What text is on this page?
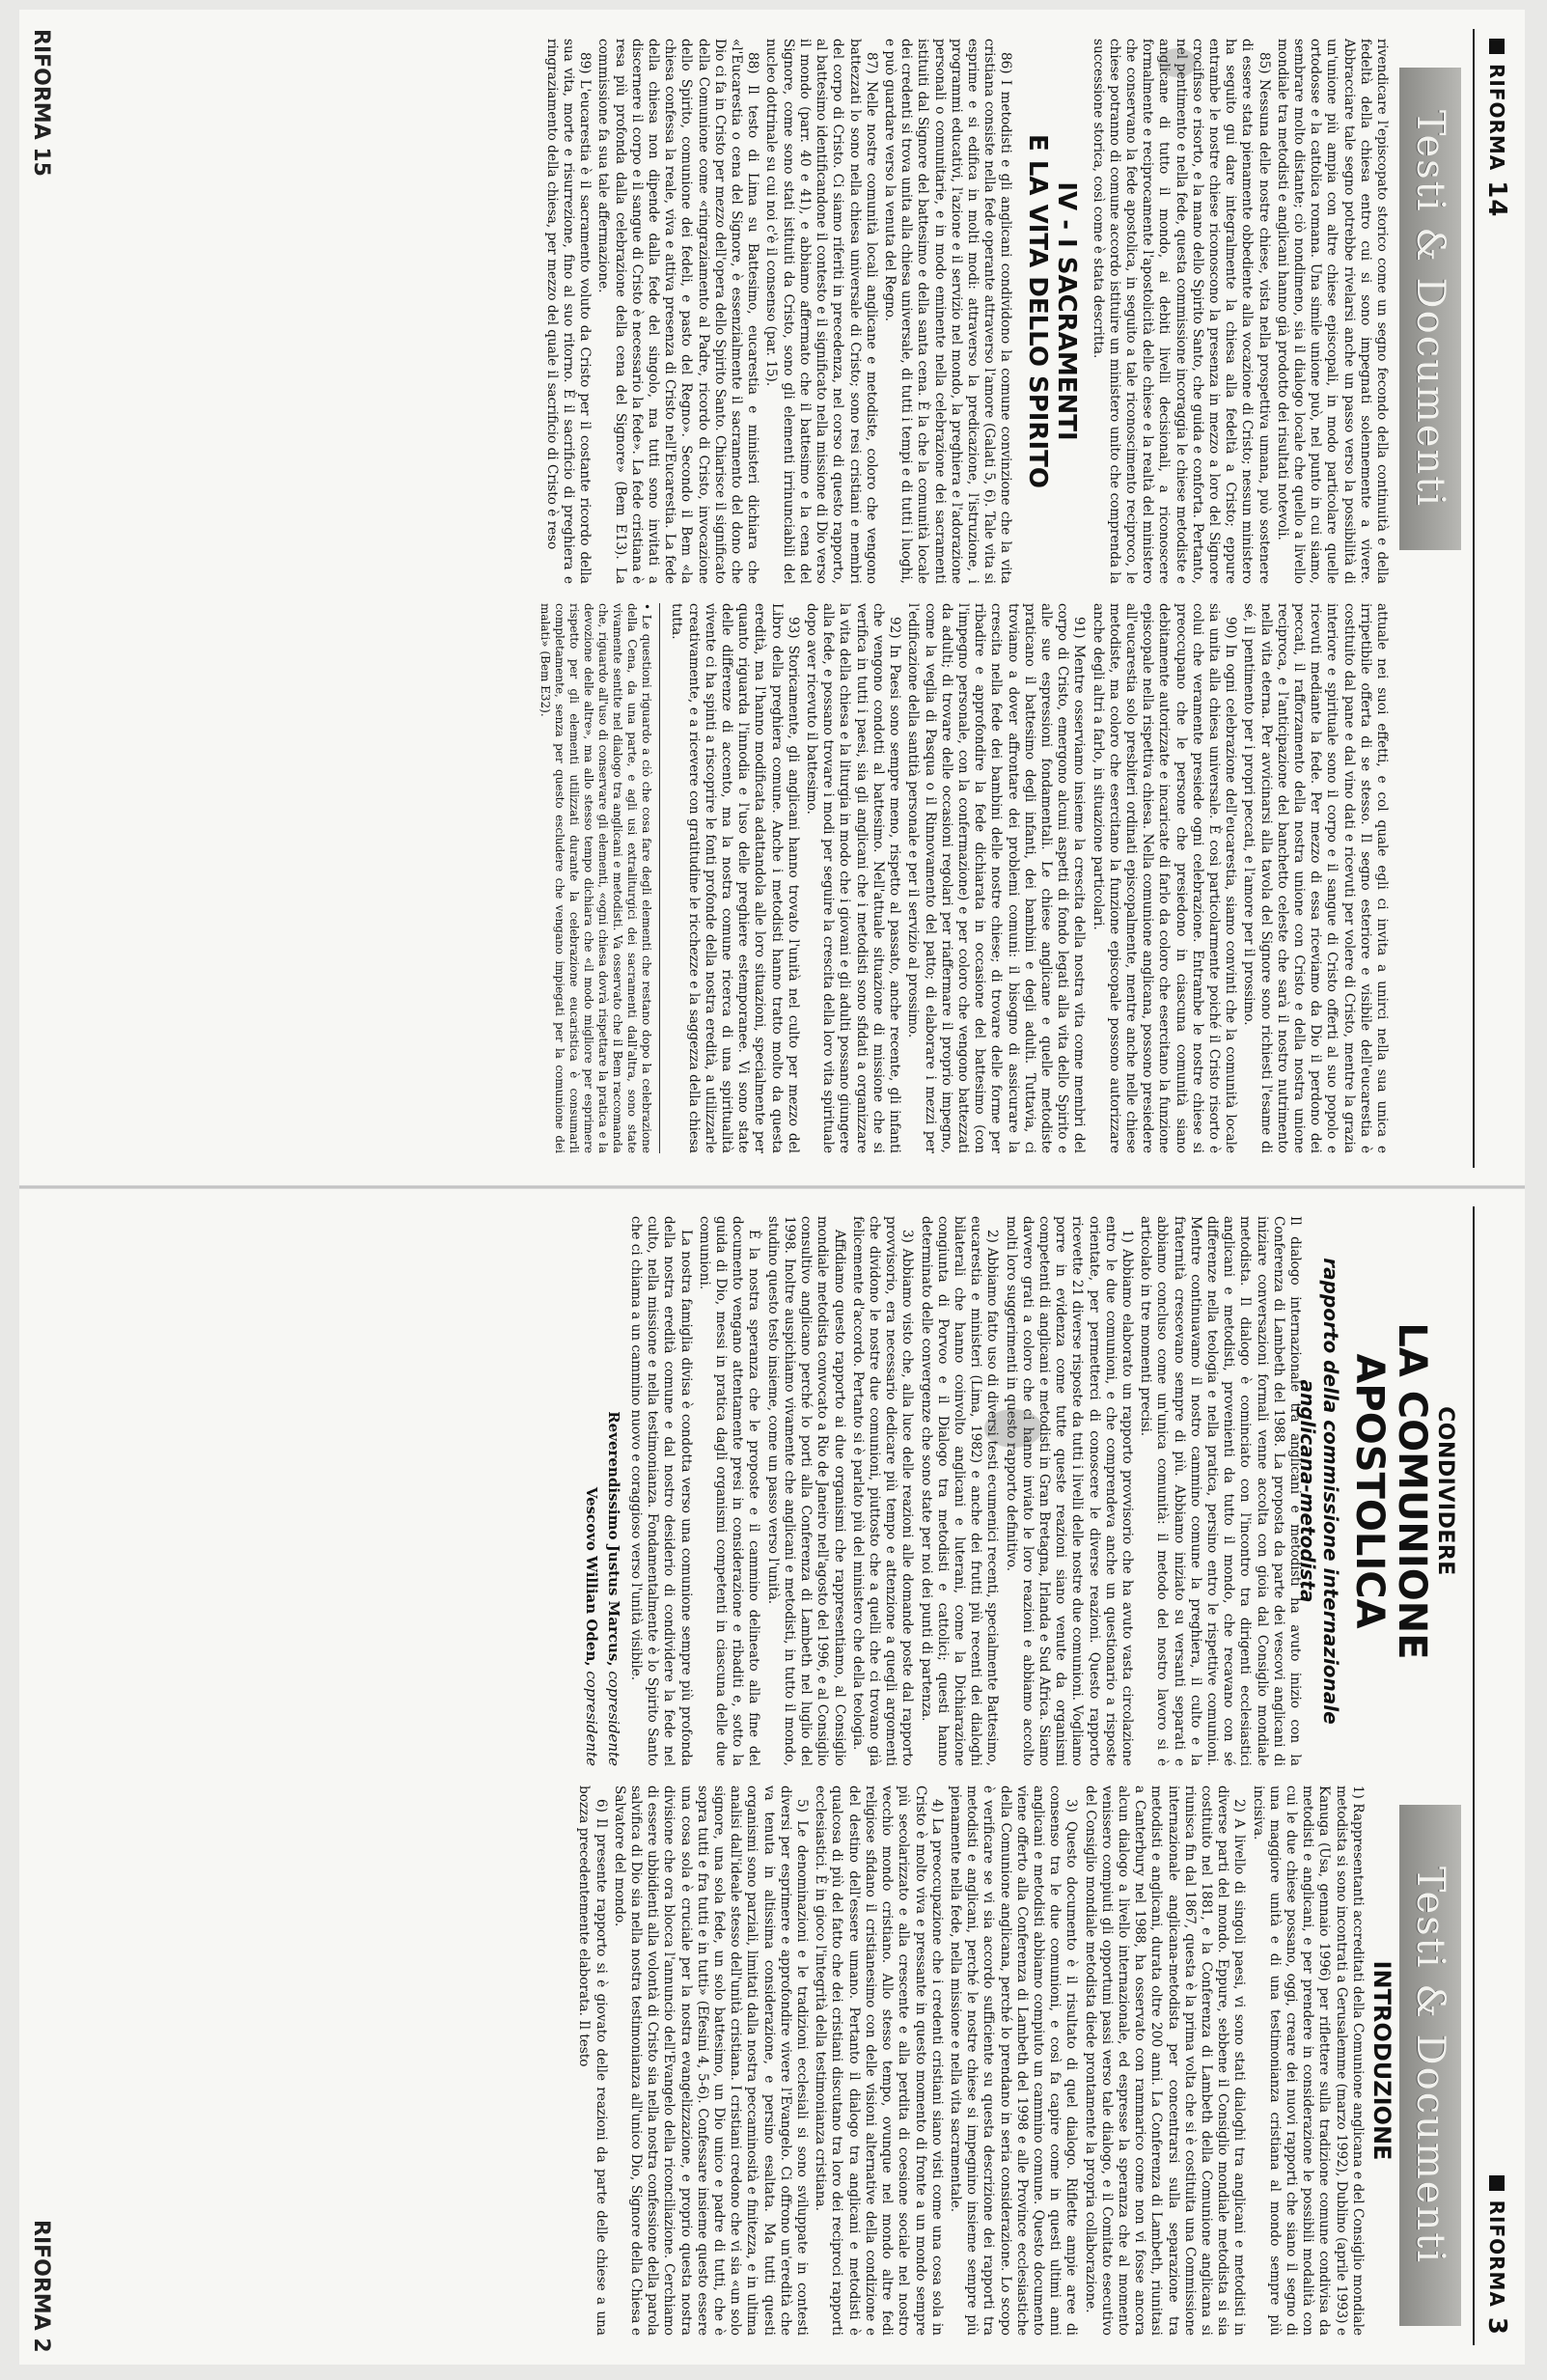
RIFORMA
14
Testi & Documenti

rivendicare l'episcopato storico come un segno fecondo della continuità e della fedeltà della chiesa entro cui si sono impegnati solennemente a vivere. Abbracciare tale segno potrebbe rivelarsi anche un passo verso la possibilità di un'unione più ampia con altre chiese episcopali, in modo particolare quelle ortodosse e la cattolica romana. Una simile unione può, nel punto in cui siamo, sembrare molto distante; ciò nondimeno, sia il dialogo locale che quello a livello mondiale tra metodisti e anglicani hanno già prodotto dei risultati notevoli.

85) Nessuna delle nostre chiese, vista nella prospettiva umana, può sostenere di essere stata pienamente obbediente alla vocazione di Cristo; nessun ministero ha seguito gui dare integralmente la chiesa alla fedeltà a Cristo; eppure entrambe le nostre chiese riconoscono la presenza in mezzo a loro del Signore crocifisso e risorto, e la mano dello Spirito Santo, che guida e conforta. Pertanto, nel pentimento e nella fede, questa commissione incoraggia le chiese metodiste e anglicane di tutto il mondo, ai debiti livelli decisionali, a riconoscere formalmente e reciprocamente l'apostolicità delle chiese e la realtà del ministero che conservano la fede apostolica, in seguito a tale riconoscimento reciproco, le chiese potranno di comune accordo istituire un ministero unito che comprenda la successione storica, così come è stata descritta.

IV - I SACRAMENTI
E LA VITA DELLO SPIRITO

86) I metodisti e gli anglicani condividono la comune convinzione che la vita cristiana consiste nella fede operante attraverso l'amore (Galati 5, 6). Tale vita si esprime e si edifica in molti modi: attraverso la predicazione, l'istruzione, i programmi educativi, l'azione e il servizio nel mondo, la preghiera e l'adorazione personali o comunitarie, e in modo eminente nella celebrazione dei sacramenti istituiti dal Signore del battesimo e della santa cena. È la che la comunità locale dei credenti si trova unita alla chiesa universale, di tutti i tempi e di tutti i luoghi, e può guardare verso la venuta del Regno.

87) Nelle nostre comunità locali anglicane e metodiste, coloro che vengono battezzati lo sono nella chiesa universale di Cristo; sono resi cristiani e membri del corpo di Cristo. Ci siamo riferiti in precedenza, nel corso di questo rapporto, al battesimo identificandone il contesto e il significato nella missione di Dio verso il mondo (parr. 40 e 41), e abbiamo affermato che il battesimo e la cena del Signore, come sono stati istituiti da Cristo, sono gli elementi irrinunciabili del nucleo dottrinale su cui noi c'è il consenso (par. 15).

88) Il testo di Lima su Battesimo, eucarestia e ministeri dichiara che «l'Eucarestia o cena del Signore, è essenzialmente il sacramento del dono che Dio ci fa in Cristo per mezzo dell'opera dello Spirito Santo. Chiarisce il significato della Comunione come «ringraziamento al Padre, ricordo di Cristo, invocazione dello Spirito, comunione dei fedeli, e pasto del Regno». Secondo il Bem «la chiesa confessa la reale, viva e attiva presenza di Cristo nell'Eucarestia. La fede della chiesa non dipende dalla fede del singolo, ma tutti sono invitati a discernere il corpo e il sangue di Cristo è necessario la fede». La fede cristiana è resa più profonda dalla celebrazione della cena del Signore» (Bem E13). La commissione fa sua tale affermazione.

89) L'eucarestia è il sacramento voluto da Cristo per il costante ricordo della sua vita, morte e risurrezione, fino al suo ritorno. È il sacrificio di preghiera e ringraziamento della chiesa, per mezzo del quale il sacrificio di Cristo è reso

attuale nei suoi effetti, e col quale egli ci invita a unirci nella sua unica e irripetibile offerta di se stesso. Il segno esteriore e visibile dell'eucarestia è costituito dal pane e dal vino dati e ricevuti per volere di Cristo, mentre la grazia interiore e spirituale sono il corpo e il sangue di Cristo offerti al suo popolo e ricevuti mediante la fede. Per mezzo di essa riceviamo da Dio il perdono dei peccati, il rafforzamento della nostra unione con Cristo e della nostra unione reciproca, e l'anticipazione del banchetto celeste che sarà il nostro nutrimento nella vita eterna. Per avvicinarsi alla tavola del Signore sono richiesti l'esame di sé, il pentimento per i propri peccati, e l'amore per il prossimo.

90) In ogni celebrazione dell'eucarestia, siamo convinti che la comunità locale sia unita alla chiesa universale. È così particolarmente poiché il Cristo risorto è colui che veramente presiede ogni celebrazione. Entrambe le nostre chiese si preoccupano che le persone che presiedono in ciascuna comunità siano debitamente autorizzate e incaricate di farlo da coloro che esercitano la funzione episcopale nella rispettiva chiesa. Nella comunione anglicana, possono presiedere all'eucarestia solo presbiteri ordinati episcopalmente, mentre anche nelle chiese metodiste, ma coloro che esercitano la funzione episcopale possono autorizzare anche degli altri a farlo, in situazione particolari.

91) Mentre osserviamo insieme la crescita della nostra vita come membri del corpo di Cristo, emergono alcuni aspetti di fondo legati alla vita dello Spirito e alle sue espressioni fondamentali. Le chiese anglicane e quelle metodiste praticano il battesimo degli infanti, dei bambini e degli adulti. Tuttavia, ci troviamo a dover affrontare dei problemi comuni: il bisogno di assicurare la crescita nella fede dei bambini delle nostre chiese; di trovare delle forme per ribadire e approfondire la fede dichiarata in occasione del battesimo (con l'impegno personale, con la confermazione) e per coloro che vengono battezzati da adulti; di trovare delle occasioni regolari per riaffermare il proprio impegno, come la veglia di Pasqua o il Rinnovamento del patto; di elaborare i mezzi per l'edificazione della santità personale e per il servizio al prossimo.

92) In Paesi sono sempre meno, rispetto al passato, anche recente, gli infanti che vengono condotti al battesimo. Nell'attuale situazione di missione che si verifica in tutti i paesi, sia gli anglicani che i metodisti sono sfidati a organizzare la vita della chiesa e la liturgia in modo che i giovani e gli adulti possano giungere alla fede, e possano trovare i modi per seguire la crescita della loro vita spirituale dopo aver ricevuto il battesimo.

93) Storicamente, gli anglicani hanno trovato l'unità nel culto per mezzo del Libro della preghiera comune. Anche i metodisti hanno tratto molto da questa eredità, ma l'hanno modificata adattandola alle loro situazioni, specialmente per quanto riguarda l'innodia e l'uso delle preghiere estemporanee. Vi sono state delle differenze di accento, ma la nostra comune ricerca di una spiritualità vivente ci ha spinti a riscoprire le fonti profonde della nostra eredità, a utilizzarle creativamente, e a ricevere con gratitudine le ricchezze e la saggezza della chiesa tutta.

• Le questioni riguardo a ciò che cosa fare degli elementi che restano dopo la celebrazione della Cena, da una parte, e agli usi extraliturgici dei sacramenti dall'altra, sono state vivamente sentite nel dialogo tra anglicani e metodisti. Va osservato che il Bem raccomanda che, riguardo all'uso di conservare gli elementi, «ogni chiesa dovrà rispettare la pratica e la devozione delle altre», ma allo stesso tempo dichiara che «il modo migliore per esprimere rispetto per gli elementi utilizzati durante la celebrazione eucaristica è consumarli completamente, senza per questo escludere che vengano impiegati per la comunione dei malati» (Bem E32).
RIFORMA
3
Testi & Documenti

CONDIVIDERE

LA COMUNIONE APOSTOLICA

rapporto della commissione internazionale
anglicana-metodista

Il dialogo internazionale tra anglicani e metodisti ha avuto inizio con la Conferenza di Lambeth del 1988. La proposta da parte dei vescovi anglicani di iniziare conversazioni formali venne accolta con gioia dal Consiglio mondiale metodista. Il dialogo è cominciato con l'incontro tra dirigenti ecclesiastici anglicani e metodisti, provenienti da tutto il mondo, che recavano con sé differenze nella teologia e nella pratica, persino entro le rispettive comunioni. Mentre continuavamo il nostro cammino comune la preghiera, il culto e la fraternità crescevano sempre di più. Abbiamo iniziato su versanti separati e abbiamo concluso come un'unica comunità: il metodo del nostro lavoro si è articolato in tre momenti precisi.

1) Abbiamo elaborato un rapporto provvisorio che ha avuto vasta circolazione entro le due comunioni, e che comprendeva anche un questionario a risposte orientate, per permetterci di conoscere le diverse reazioni. Questo rapporto ricevette 21 diverse risposte da tutti i livelli delle nostre due comunioni. Vogliamo porre in evidenza come tutte queste reazioni siano venute da organismi competenti di anglicani e metodisti in Gran Bretagna, Irlanda e Sud Africa. Siamo davvero grati a coloro che ci hanno inviato le loro reazioni e abbiamo accolto molti loro suggerimenti in questo rapporto definitivo.

2) Abbiamo fatto uso di diversi testi ecumenici recenti, specialmente Battesimo, eucarestia e ministeri (Lima, 1982) e anche dei frutti più recenti dei dialoghi bilaterali che hanno coinvolto anglicani e luterani, come la Dichiarazione congiunta di Porvoo e il Dialogo tra metodisti e cattolici; questi hanno determinato delle convergenze che sono state per noi dei punti di partenza.

3) Abbiamo visto che, alla luce delle reazioni alle domande poste dal rapporto provvisorio, era necessario dedicare più tempo e attenzione a quegli argomenti che dividono le nostre due comunioni, piuttosto che a quelli che ci trovano già felicemente d'accordo. Pertanto si è parlato più del ministero che della teologia.

Affidiamo questo rapporto ai due organismi che rappresentiamo, al Consiglio mondiale metodista convocato a Rio de Janeiro nell'agosto del 1996, e al Consiglio consultivo anglicano perché lo porti alla Conferenza di Lambeth nel luglio del 1998. Inoltre auspichiamo vivamente che anglicani e metodisti, in tutto il mondo, studino questo testo insieme, come un passo verso l'unità.

È la nostra speranza che le proposte e il cammino delineato alla fine del documento vengano attentamente presi in considerazione e ribaditi e, sotto la guida di Dio, messi in pratica dagli organismi competenti in ciascuna delle due comunioni.

La nostra famiglia divisa è condotta verso una comunione sempre più profonda della nostra eredità comune e dal nostro desiderio di condividere la fede nel culto, nella missione e nella testimonianza. Fondamentalmente è lo Spirito Santo che ci chiama a un cammino nuovo e coraggioso verso l'unità visibile.

Reverendissimo Justus Marcus, copresidente
Vescovo Willian Oden, copresidente
INTRODUZIONE

1) Rappresentanti accreditati della Comunione anglicana e del Consiglio mondiale metodista si sono incontrati a Gerusalemme (marzo 1992), Dublino (aprile 1993) e Kanuga (Usa, gennaio 1996) per riflettere sulla tradizione comune condivisa da metodisti e anglicani, e per prendere in considerazione le possibili modalità con cui le due chiese possano, oggi, creare dei nuovi rapporti che siano il segno di una maggiore unità e di una testimonianza cristiana al mondo sempre più incisiva.

2) A livello di singoli paesi, vi sono stati dialoghi tra anglicani e metodisti in diverse parti del mondo. Eppure, sebbene il Consiglio mondiale metodista si sia costituito nel 1881, e la Conferenza di Lambeth della Comunione anglicana si riunisca fin dal 1867, questa è la prima volta che si è costituita una Commissione internazionale anglicana-metodista per concentrarsi sulla separazione tra metodisti e anglicani, durata oltre 200 anni. La Conferenza di Lambeth, riunitasi a Canterbury nel 1988, ha osservato con rammarico come non vi fosse ancora alcun dialogo a livello internazionale, ed espresse la speranza che al momento venissero compiuti gli opportuni passi verso tale dialogo, e il Comitato esecutivo del Consiglio mondiale metodista diede prontamente la propria collaborazione.

3) Questo documento è il risultato di quel dialogo. Riflette ampie aree di consenso tra le due comunioni, e così fa capire come in questi ultimi anni anglicani e metodisti abbiamo compiuto un cammino comune. Questo documento viene offerto alla Conferenza di Lambeth del 1998 e alle Province ecclesiastiche della Comunione anglicana, perché lo prendano in seria considerazione. Lo scopo è verificare se vi sia accordo sufficiente su questa descrizione dei rapporti tra metodisti e anglicani, perché le nostre chiese si impegnino insieme sempre più pienamente nella fede, nella missione e nella vita sacramentale.

4) La preoccupazione che i credenti cristiani siano visti come una cosa sola in Cristo è molto viva e pressante in questo momento di fronte a un mondo sempre più secolarizzato e alla crescente e alla perdita di coesione sociale nel nostro vecchio mondo cristiano. Allo stesso tempo, ovunque nel mondo altre fedi religiose sfidano il cristianesimo con delle visioni alternative della condizione e del destino dell'essere umano. Pertanto il dialogo tra anglicani e metodisti è qualcosa di più del fatto che dei cristiani discutano tra loro dei reciproci rapporti ecclesiastici. È in gioco l'integrità della testimonianza cristiana.

5) Le denominazioni e le tradizioni ecclesiali si sono sviluppate in contesti diversi per esprimere e approfondire vivere l'Evangelo. Ci offrono un'eredità che va tenuta in altissima considerazione, e persino esaltata. Ma tutti questi organismi sono parziali, limitati dalla nostra peccaminosità e finitezza, e in ultima analisi dall'ideale stesso dell'unità cristiana. I cristiani credono che vi sia «un solo signore, una sola fede, un solo battesimo, un Dio unico e padre di tutti, che è sopra tutti e fra tutti e in tutti» (Efesini 4, 5-6). Confessare insieme questo essere una cosa sola è cruciale per la nostra evangelizzazione, e proprio questa nostra divisione che ora blocca l'annuncio dell'Evangelo della riconciliazione. Cerchiamo di essere ubbidienti alla volontà di Cristo sia nella nostra confessione della parola salvifica di Dio sia nella nostra testimonianza all'unico Dio, Signore della Chiesa e Salvatore del mondo.

6) Il presente rapporto si è giovato delle reazioni da parte delle chiese a una bozza precedentemente elaborata. Il testo

RIFORMA 2
RIFORMA 15
